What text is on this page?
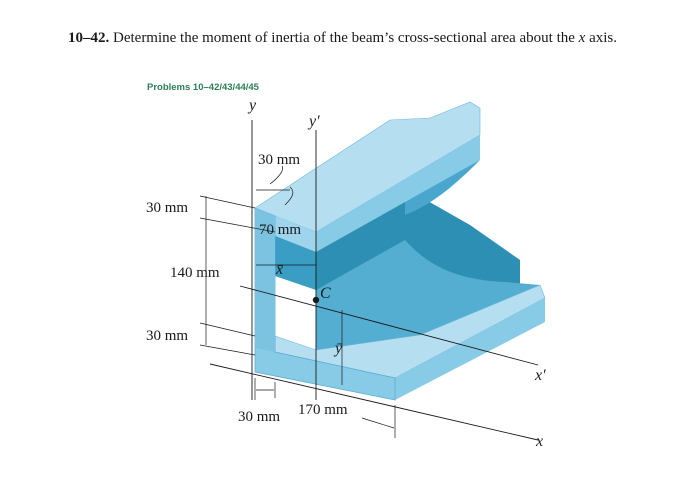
10–42. Determine the moment of inertia of the beam’s cross-sectional area about the x axis.
Problems 10–42/43/44/45
y
y′
x′
x
C
x̄
ȳ
30 mm
70 mm
30 mm
140 mm
30 mm
30 mm 170 mm
